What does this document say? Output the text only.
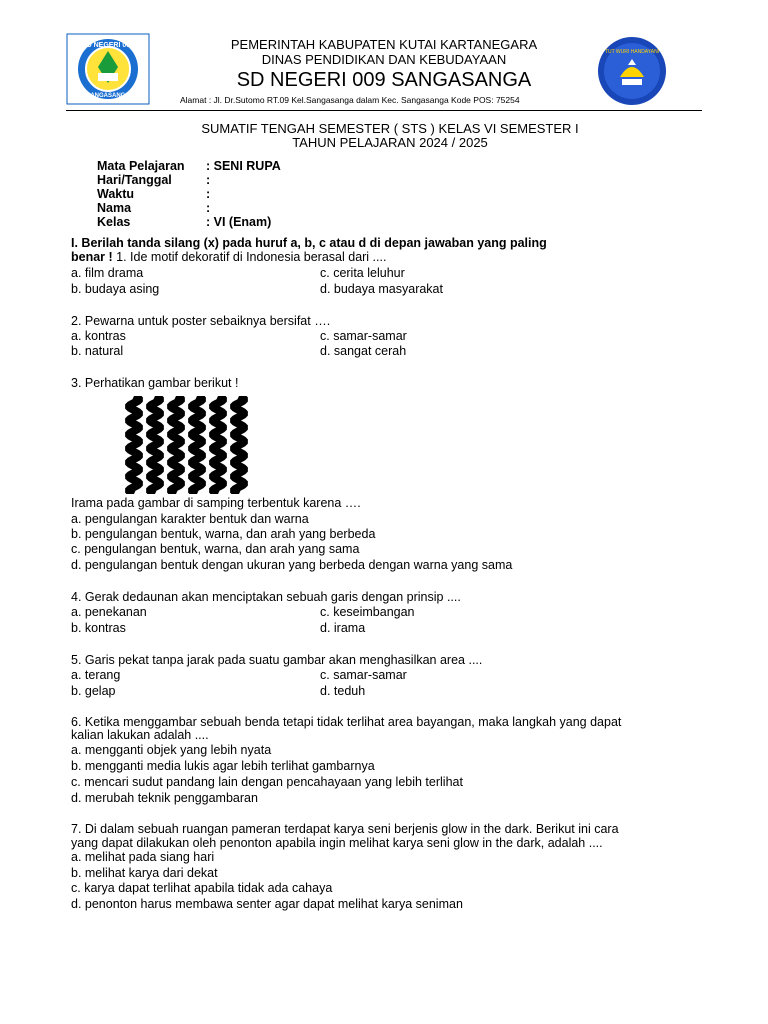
SD NEGERI 009
SANGASANGA
TUT WURI HANDAYANI
PEMERINTAH KABUPATEN KUTAI KARTANEGARA
DINAS PENDIDIKAN DAN KEBUDAYAAN
SD NEGERI 009 SANGASANGA
Alamat : Jl. Dr.Sutomo RT.09 Kel.Sangasanga dalam Kec. Sangasanga Kode POS: 75254
SUMATIF TENGAH SEMESTER ( STS ) KELAS VI SEMESTER I
TAHUN PELAJARAN 2024 / 2025
Mata Pelajaran : SENI RUPA
Hari/Tanggal	:
Waktu	:
Nama	:
Kelas	: VI (Enam)
I. Berilah tanda silang (x) pada huruf a, b, c atau d di depan jawaban yang paling
benar ! 1. Ide motif dekoratif di Indonesia berasal dari ....
a. film drama	c. cerita leluhur
b. budaya asing	d. budaya masyarakat
2. Pewarna untuk poster sebaiknya bersifat ….
a. kontras	c. samar-samar
b. natural	d. sangat cerah
3. Perhatikan gambar berikut !
Irama pada gambar di samping terbentuk karena ….
a. pengulangan karakter bentuk dan warna
b. pengulangan bentuk, warna, dan arah yang berbeda
c. pengulangan bentuk, warna, dan arah yang sama
d. pengulangan bentuk dengan ukuran yang berbeda dengan warna yang sama
4. Gerak dedaunan akan menciptakan sebuah garis dengan prinsip ....
a. penekanan	c. keseimbangan
b. kontras	d. irama
5. Garis pekat tanpa jarak pada suatu gambar akan menghasilkan area ....
a. terang	c. samar-samar
b. gelap	d. teduh
6. Ketika menggambar sebuah benda tetapi tidak terlihat area bayangan, maka langkah yang dapat
kalian lakukan adalah ....
a. mengganti objek yang lebih nyata
b. mengganti media lukis agar lebih terlihat gambarnya
c. mencari sudut pandang lain dengan pencahayaan yang lebih terlihat
d. merubah teknik penggambaran
7. Di dalam sebuah ruangan pameran terdapat karya seni berjenis glow in the dark. Berikut ini cara
yang dapat dilakukan oleh penonton apabila ingin melihat karya seni glow in the dark, adalah ....
a. melihat pada siang hari
b. melihat karya dari dekat
c. karya dapat terlihat apabila tidak ada cahaya
d. penonton harus membawa senter agar dapat melihat karya seniman
